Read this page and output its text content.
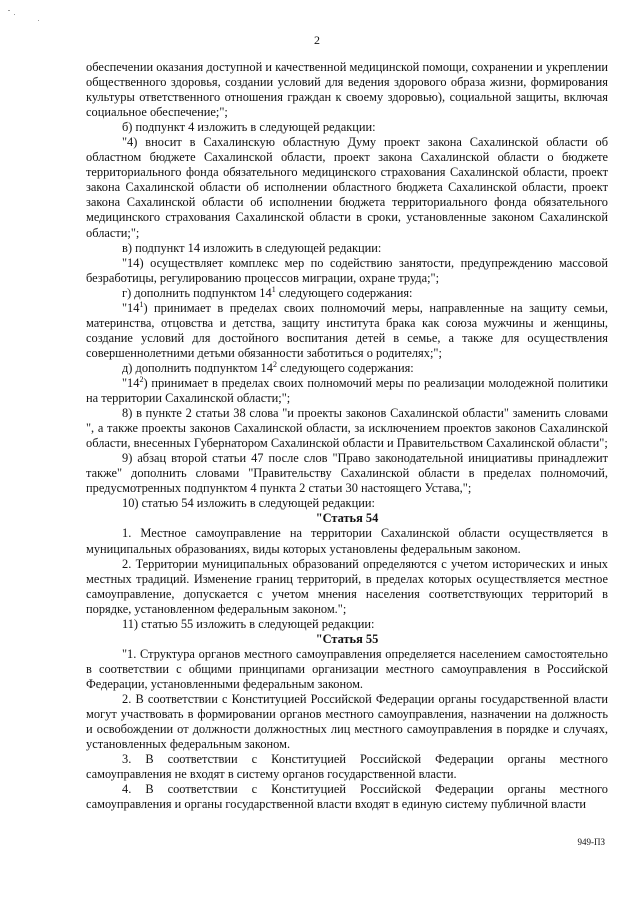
2

обеспечении оказания доступной и качественной медицинской помощи, сохранении и укреплении общественного здоровья, создании условий для ведения здорового образа жизни, формирования культуры ответственного отношения граждан к своему здоровью), социальной защиты, включая социальное обеспечение;";

б) подпункт 4 изложить в следующей редакции:

"4) вносит в Сахалинскую областную Думу проект закона Сахалинской области об областном бюджете Сахалинской области, проект закона Сахалинской области о бюджете территориального фонда обязательного медицинского страхования Сахалинской области, проект закона Сахалинской области об исполнении областного бюджета Сахалинской области, проект закона Сахалинской области об исполнении бюджета территориального фонда обязательного медицинского страхования Сахалинской области в сроки, установленные законом Сахалинской области;";

в) подпункт 14 изложить в следующей редакции:

"14) осуществляет комплекс мер по содействию занятости, предупреждению массовой безработицы, регулированию процессов миграции, охране труда;";

г) дополнить подпунктом $14^1$ следующего содержания:

"$14^1$) принимает в пределах своих полномочий меры, направленные на защиту семьи, материнства, отцовства и детства, защиту института брака как союза мужчины и женщины, создание условий для достойного воспитания детей в семье, а также для осуществления совершеннолетними детьми обязанности заботиться о родителях;";

д) дополнить подпунктом $14^2$ следующего содержания:

"$14^2$) принимает в пределах своих полномочий меры по реализации молодежной политики на территории Сахалинской области;";

8) в пункте 2 статьи 38 слова "и проекты законов Сахалинской области" заменить словами ", а также проекты законов Сахалинской области, за исключением проектов законов Сахалинской области, внесенных Губернатором Сахалинской области и Правительством Сахалинской области";

9) абзац второй статьи 47 после слов "Право законодательной инициативы принадлежит также" дополнить словами "Правительству Сахалинской области в пределах полномочий, предусмотренных подпунктом 4 пункта 2 статьи 30 настоящего Устава,";

10) статью 54 изложить в следующей редакции:

"Статья 54

1. Местное самоуправление на территории Сахалинской области осуществляется в муниципальных образованиях, виды которых установлены федеральным законом.

2. Территории муниципальных образований определяются с учетом исторических и иных местных традиций. Изменение границ территорий, в пределах которых осуществляется местное самоуправление, допускается с учетом мнения населения соответствующих территорий в порядке, установленном федеральным законом.";

11) статью 55 изложить в следующей редакции:

"Статья 55

"1. Структура органов местного самоуправления определяется населением самостоятельно в соответствии с общими принципами организации местного самоуправления в Российской Федерации, установленными федеральным законом.

2. В соответствии с Конституцией Российской Федерации органы государственной власти могут участвовать в формировании органов местного самоуправления, назначении на должность и освобождении от должности должностных лиц местного самоуправления в порядке и случаях, установленных федеральным законом.

3. В соответствии с Конституцией Российской Федерации органы местного самоуправления не входят в систему органов государственной власти.

4. В соответствии с Конституцией Российской Федерации органы местного самоуправления и органы государственной власти входят в единую систему публичной власти

949-ПЗ
